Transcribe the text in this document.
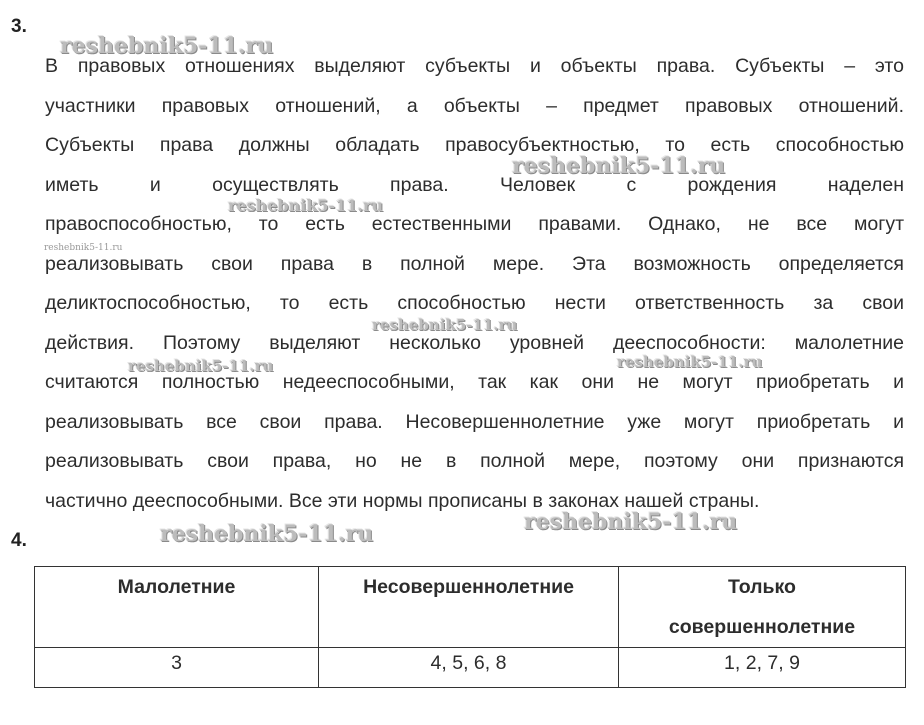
3.
В правовых отношениях выделяют субъекты и объекты права. Субъекты – это
участники правовых отношений, а объекты – предмет правовых отношений.
Субъекты права должны обладать правосубъектностью, то есть способностью
иметь и осуществлять права. Человек с рождения наделен
правоспособностью, то есть естественными правами. Однако, не все могут
реализовывать свои права в полной мере. Эта возможность определяется
деликтоспособностью, то есть способностью нести ответственность за свои
действия. Поэтому выделяют несколько уровней дееспособности: малолетние
считаются полностью недееспособными, так как они не могут приобретать и
реализовывать все свои права. Несовершеннолетние уже могут приобретать и
реализовывать свои права, но не в полной мере, поэтому они признаются
частично дееспособными. Все эти нормы прописаны в законах нашей страны.
4.
Малолетние	Несовершеннолетние	Только совершеннолетние
3	4, 5, 6, 8	1, 2, 7, 9
reshebnik5-11.ru
reshebnik5-11.ru
reshebnik5-11.ru
reshebnik5-11.ru
reshebnik5-11.ru
reshebnik5-11.ru	reshebnik5-11.ru
reshebnik5-11.ru
reshebnik5-11.ru
